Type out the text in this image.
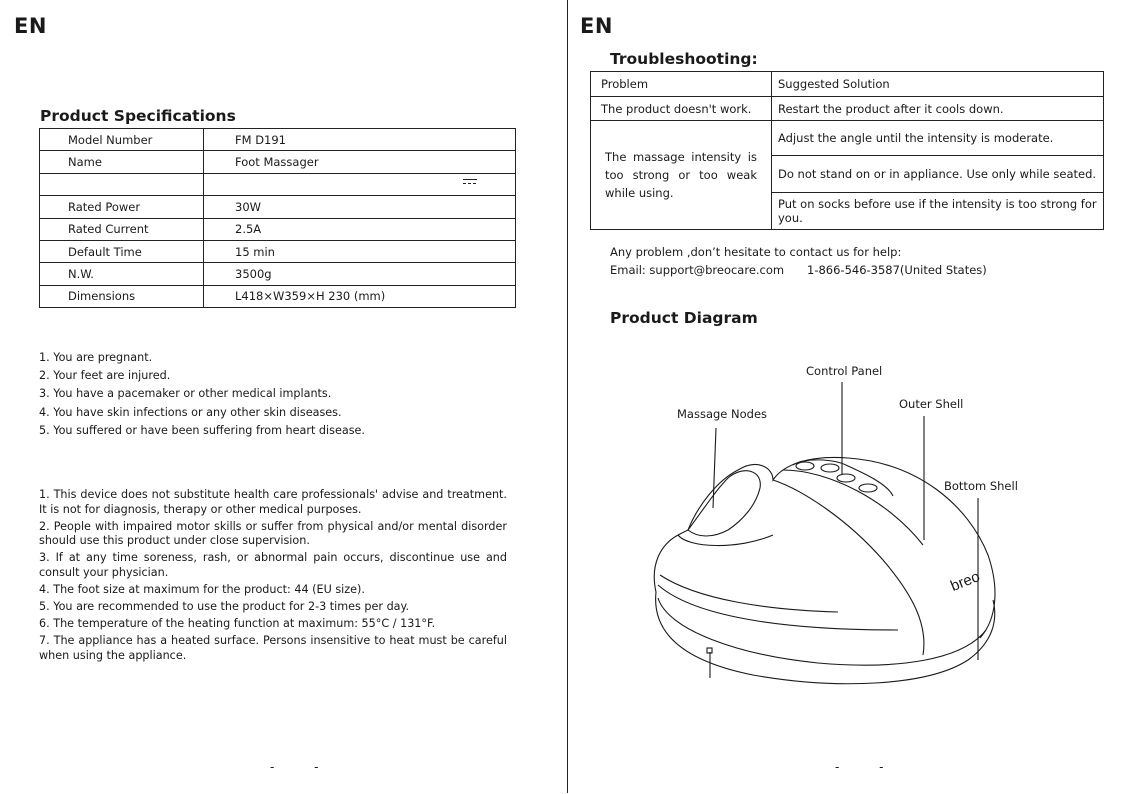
EN
Product Specifications
Model Number	FM D191
Name	Foot Massager

Rated Power	30W
Rated Current	2.5A
Default Time	15 min
N.W.	3500g
Dimensions	L418×W359×H 230 (mm)
1. You are pregnant.
2. Your feet are injured.
3. You have a pacemaker or other medical implants.
4. You have skin infections or any other skin diseases.
5. You suffered or have been suffering from heart disease.
1. This device does not substitute health care professionals' advise and treatment. It is not for diagnosis, therapy or other medical purposes.
2. People with impaired motor skills or suffer from physical and/or mental disorder should use this product under close supervision.
3. If at any time soreness, rash, or abnormal pain occurs, discontinue use and consult your physician.
4. The foot size at maximum for the product: 44 (EU size).
5. You are recommended to use the product for 2-3 times per day.
6. The temperature of the heating function at maximum: 55°C / 131°F.
7. The appliance has a heated surface. Persons insensitive to heat must be careful when using the appliance.
- -
EN
Troubleshooting:
Product Diagram
Problem	Suggested Solution
The product doesn't work.	Restart the product after it cools down.
The massage intensity is too strong or too weak while using.	Adjust the angle until the intensity is moderate.
	Do not stand on or in appliance. Use only while seated.
	Put on socks before use if the intensity is too strong for you.
Any problem ,don’t hesitate to contact us for help:
Email: support@breocare.com 1-866-546-3587(United States)
breo
Control Panel
Outer Shell
Massage Nodes
Bottom Shell
- -
